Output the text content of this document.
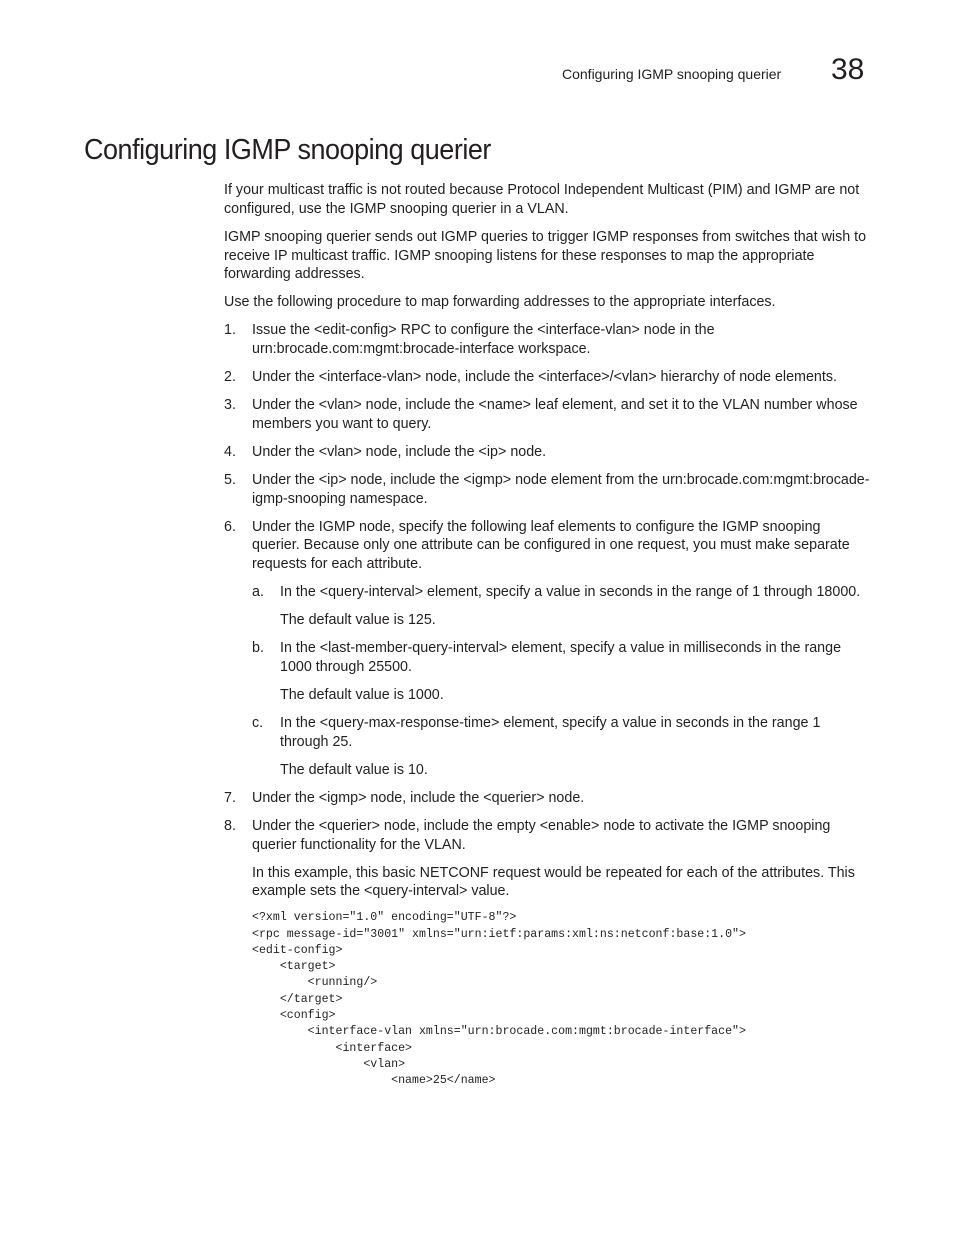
Configuring IGMP snooping querier 38
Configuring IGMP snooping querier

If your multicast traffic is not routed because Protocol Independent Multicast (PIM) and IGMP are not configured, use the IGMP snooping querier in a VLAN.

IGMP snooping querier sends out IGMP queries to trigger IGMP responses from switches that wish to receive IP multicast traffic. IGMP snooping listens for these responses to map the appropriate forwarding addresses.

Use the following procedure to map forwarding addresses to the appropriate interfaces.

1. Issue the <edit-config> RPC to configure the <interface-vlan> node in the urn:brocade.com:mgmt:brocade-interface workspace.

2. Under the <interface-vlan> node, include the <interface>/<vlan> hierarchy of node elements.

3. Under the <vlan> node, include the <name> leaf element, and set it to the VLAN number whose members you want to query.

4. Under the <vlan> node, include the <ip> node.

5. Under the <ip> node, include the <igmp> node element from the urn:brocade.com:mgmt:brocade-igmp-snooping namespace.

6. Under the IGMP node, specify the following leaf elements to configure the IGMP snooping querier. Because only one attribute can be configured in one request, you must make separate requests for each attribute.

a. In the <query-interval> element, specify a value in seconds in the range of 1 through 18000.

The default value is 125.

b. In the <last-member-query-interval> element, specify a value in milliseconds in the range 1000 through 25500.

The default value is 1000.

c. In the <query-max-response-time> element, specify a value in seconds in the range 1 through 25.

The default value is 10.

7. Under the <igmp> node, include the <querier> node.

8. Under the <querier> node, include the empty <enable> node to activate the IGMP snooping querier functionality for the VLAN.

In this example, this basic NETCONF request would be repeated for each of the attributes. This example sets the <query-interval> value.

<?xml version="1.0" encoding="UTF-8"?>
<rpc message-id="3001" xmlns="urn:ietf:params:xml:ns:netconf:base:1.0">
<edit-config>
<target>
<running/>
</target>
<config>
<interface-vlan xmlns="urn:brocade.com:mgmt:brocade-interface">
<interface>
<vlan>
<name>25</name>
